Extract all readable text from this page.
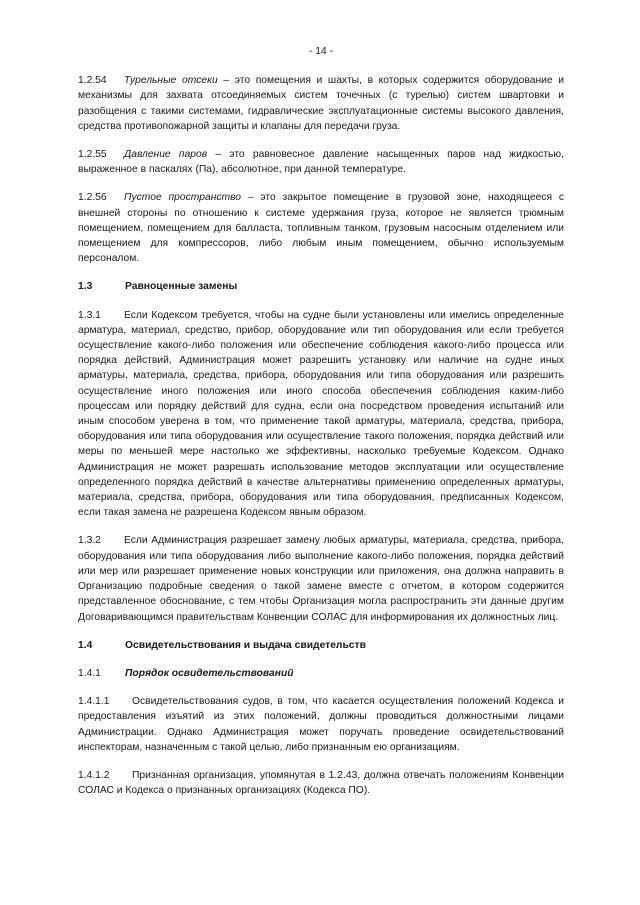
- 14 -

1.2.54 Турельные отсеки – это помещения и шахты, в которых содержится оборудование и механизмы для захвата отсоединяемых систем точечных (с турелью) систем швартовки и разобщения с такими системами, гидравлические эксплуатационные системы высокого давления, средства противопожарной защиты и клапаны для передачи груза.

1.2.55 Давление паров – это равновесное давление насыщенных паров над жидкостью, выраженное в паскалях (Па), абсолютное, при данной температуре.

1.2.56 Пустое пространство – это закрытое помещение в грузовой зоне, находящееся с внешней стороны по отношению к системе удержания груза, которое не является трюмным помещением, помещением для балласта, топливным танком, грузовым насосным отделением или помещением для компрессоров, либо любым иным помещением, обычно используемым персоналом.

1.3	Равноценные замены

1.3.1 Если Кодексом требуется, чтобы на судне были установлены или имелись определенные арматура, материал, средство, прибор, оборудование или тип оборудования или если требуется осуществление какого-либо положения или обеспечение соблюдения какого-либо процесса или порядка действий, Администрация может разрешить установку или наличие на судне иных арматуры, материала, средства, прибора, оборудования или типа оборудования или разрешить осуществление иного положения или иного способа обеспечения соблюдения каким-либо процессам или порядку действий для судна, если она посредством проведения испытаний или иным способом уверена в том, что применение такой арматуры, материала, средства, прибора, оборудования или типа оборудования или осуществление такого положения, порядка действий или меры по меньшей мере настолько же эффективны, насколько требуемые Кодексом. Однако Администрация не может разрешать использование методов эксплуатации или осуществление определенного порядка действий в качестве альтернативы применению определенных арматуры, материала, средства, прибора, оборудования или типа оборудования, предписанных Кодексом, если такая замена не разрешена Кодексом явным образом.

1.3.2 Если Администрация разрешает замену любых арматуры, материала, средства, прибора, оборудования или типа оборудования либо выполнение какого-либо положения, порядка действий или мер или разрешает применение новых конструкции или приложения, она должна направить в Организацию подробные сведения о такой замене вместе с отчетом, в котором содержится представленное обоснование, с тем чтобы Организация могла распространить эти данные другим Договаривающимся правительствам Конвенции СОЛАС для информирования их должностных лиц.

1.4	Освидетельствования и выдача свидетельств
1.4.1	Порядок освидетельствований

1.4.1.1 Освидетельствования судов, в том, что касается осуществления положений Кодекса и предоставления изъятий из этих положений, должны проводиться должностными лицами Администрации. Однако Администрация может поручать проведение освидетельствований инспекторам, назначенным с такой целью, либо признанным ею организациям.

1.4.1.2 Признанная организация, упомянутая в 1.2.43, должна отвечать положениям Конвенции СОЛАС и Кодекса о признанных организациях (Кодекса ПО).
